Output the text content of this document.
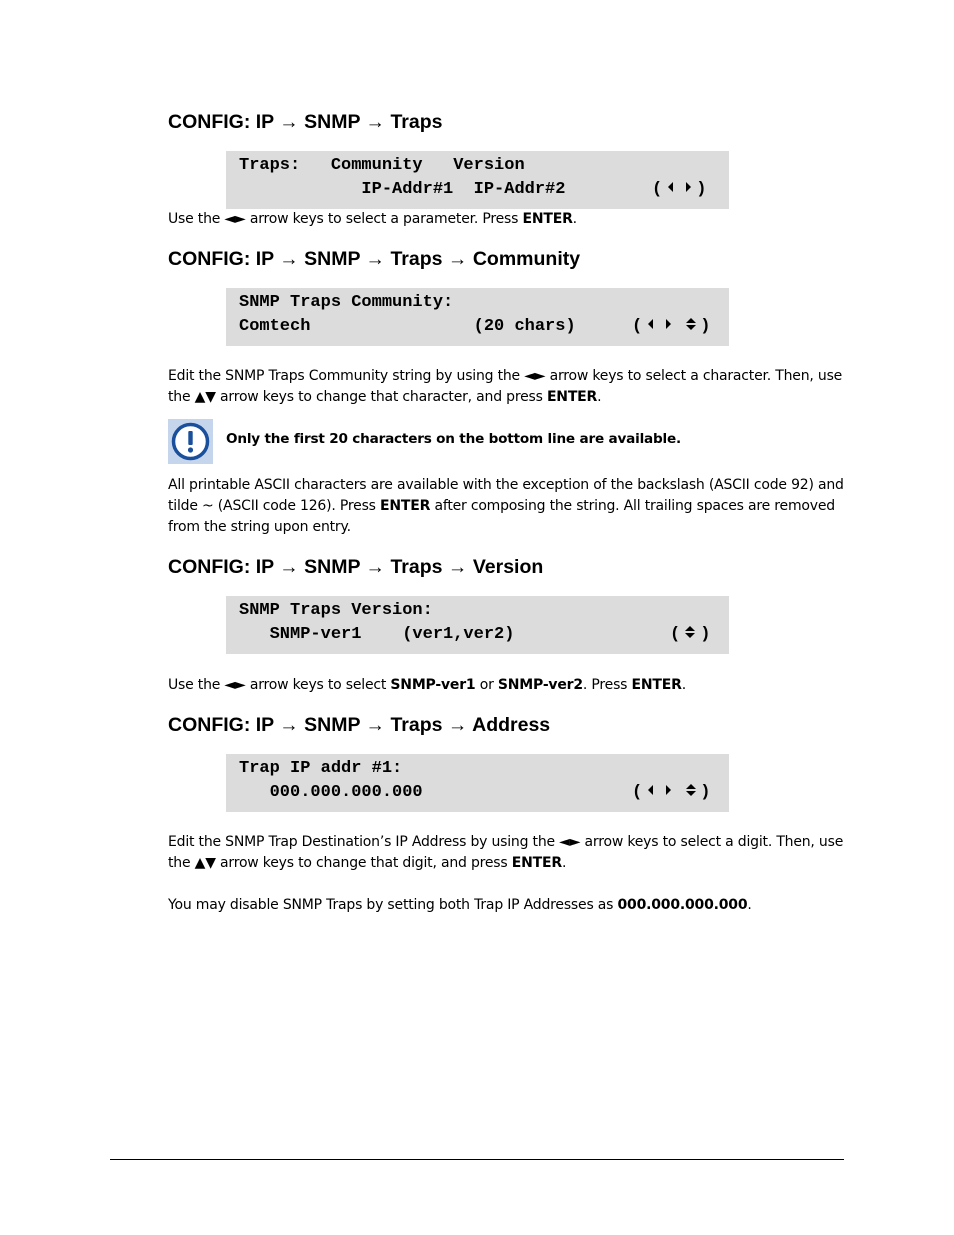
CONFIG: IP → SNMP → Traps
Traps:   Community   Version
IP-Addr#1  IP-Addr#2	( )
Use the ◄► arrow keys to select a parameter. Press ENTER.
CONFIG: IP → SNMP → Traps → Community
SNMP Traps Community:
Comtech                (20 chars)	(	)
Edit the SNMP Traps Community string by using the ◄► arrow keys to select a character. Then, use the ▲▼ arrow keys to change that character, and press ENTER.
Only the first 20 characters on the bottom line are available.
All printable ASCII characters are available with the exception of the backslash (ASCII code 92) and tilde ~ (ASCII code 126). Press ENTER after composing the string. All trailing spaces are removed from the string upon entry.
CONFIG: IP → SNMP → Traps → Version
SNMP Traps Version:
SNMP-ver1    (ver1,ver2)	( )
Use the ◄► arrow keys to select SNMP-ver1 or SNMP-ver2. Press ENTER.
CONFIG: IP → SNMP → Traps → Address
Trap IP addr #1:
000.000.000.000	(	)
Edit the SNMP Trap Destination’s IP Address by using the ◄► arrow keys to select a digit. Then, use the ▲▼ arrow keys to change that digit, and press ENTER.
You may disable SNMP Traps by setting both Trap IP Addresses as 000.000.000.000.
